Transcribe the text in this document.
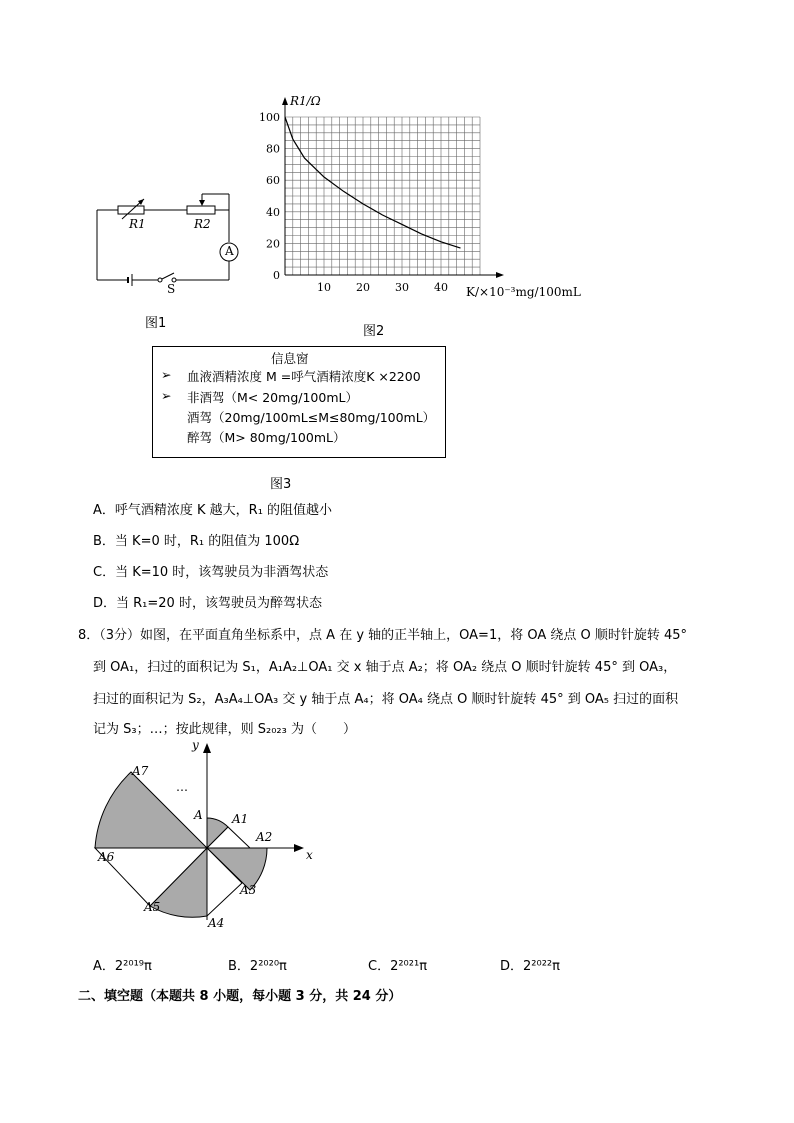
R1	R2
A
S
图1
0
20
40
60
80
100
10 20 30 40
R1/Ω
K/×10⁻³mg/100mL
图2
信息窗
➢ 血液酒精浓度 M =呼气酒精浓度K ×2200
➢ 非酒驾（M< 20mg/100mL）
酒驾（20mg/100mL≤M≤80mg/100mL）
醉驾（M> 80mg/100mL）
图3
A．呼气酒精浓度 K 越大，R₁ 的阻值越小
B．当 K=0 时，R₁ 的阻值为 100Ω
C．当 K=10 时，该驾驶员为非酒驾状态
D．当 R₁=20 时，该驾驶员为醉驾状态
8．（3分）如图，在平面直角坐标系中，点 A 在 y 轴的正半轴上，OA=1，将 OA 绕点 O 顺时针旋转 45°
到 OA₁，扫过的面积记为 S₁，A₁A₂⊥OA₁ 交 x 轴于点 A₂；将 OA₂ 绕点 O 顺时针旋转 45° 到 OA₃，
扫过的面积记为 S₂，A₃A₄⊥OA₃ 交 y 轴于点 A₄；将 OA₄ 绕点 O 顺时针旋转 45° 到 OA₅ 扫过的面积
记为 S₃；…；按此规律，则 S₂₀₂₃ 为（　　）
y
x
A A1
A2
A3
A4
A5
A6
A7
…
A．2²⁰¹⁹π	B．2²⁰²⁰π	C．2²⁰²¹π	D．2²⁰²²π
二、填空题（本题共 8 小题，每小题 3 分，共 24 分）
